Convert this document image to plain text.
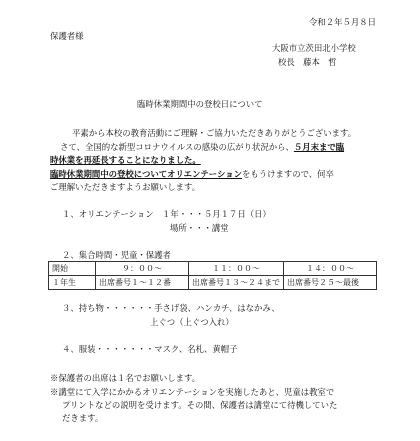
令和２年５月８日
保護者様
大阪市立茨田北小学校
校長　藤本　哲
臨時休業期間中の登校日について
平素から本校の教育活動にご理解・ご協力いただきありがとうございます。
さて、全国的な新型コロナウイルスの感染の広がり状況から、５月末まで臨
時休業を再延長することになりました。
臨時休業期間中の登校についてオリエンテーションをもうけますので、何卒
ご理解いただきますようお願いします。
１、オリエンテーション　１年・・・５月１７日（日）
場所・・・講堂
２、集合時間・児童・保護者
開始	９：００～	１１：００～	１４：００～
１年生	出席番号１～１２番	出席番号１３～２４まで	出席番号２５～最後
３、持ち物・・・・・・手さげ袋、ハンカチ、はなかみ、
上ぐつ（上ぐつ入れ）
４、服装・・・・・・・マスク、名札、黄帽子
※保護者の出席は１名でお願いします。
※講堂にて入学にかかるオリエンテーションを実施したあと、児童は教室で
プリントなどの説明を受けます。その間、保護者は講堂にて待機していた
だきます。
